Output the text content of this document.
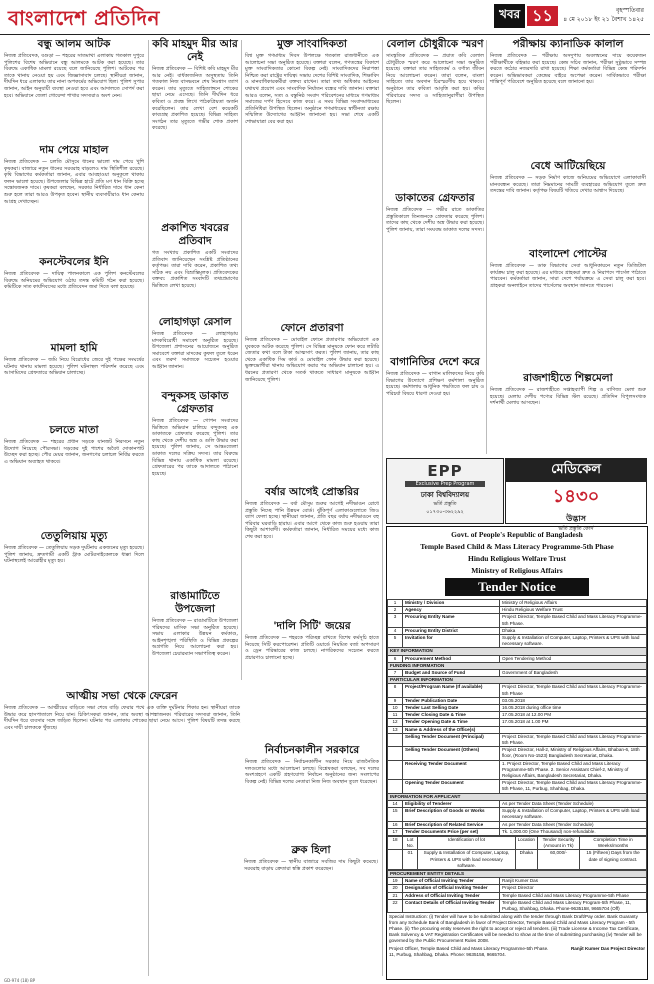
বাংলাদেশ প্রতিদিন	খবর ১১	বৃহস্পতিবার
৪ মে ২০১৮ ইং ২১ বৈশাখ ১৪২৫
বন্ধু আলম আটক
নিজস্ব প্রতিবেদক, বগুড়া — শহরের সাতমাথা এলাকায় গতকাল দুপুরে পুলিশের বিশেষ অভিযানে বন্ধু আলমকে আটক করা হয়েছে। তার বিরুদ্ধে একাধিক মামলা রয়েছে বলে জানিয়েছে পুলিশ। আটকের পর তাকে থানায় নেওয়া হয় এবং জিজ্ঞাসাবাদ চলছে। স্থানীয়রা জানান, দীর্ঘদিন ধরে এলাকায় তার নানা অপকর্মের অভিযোগ ছিল। পুলিশ সুপার জানান, আইন অনুযায়ী ব্যবস্থা নেওয়া হবে এবং আদালতে সোপর্দ করা হবে। অভিযানে জেলা গোয়েন্দা শাখার সদস্যরাও অংশ নেন।
দাম পেয়ে মাহাল
নিজস্ব প্রতিবেদক — চলতি মৌসুমে ধানের ভালো দাম পেয়ে খুশি কৃষকরা। বাজারে নতুন ধানের সরবরাহ বাড়লেও দাম স্থিতিশীল রয়েছে। কৃষি বিভাগের কর্মকর্তারা জানান, এবার আবহাওয়া অনুকূলে থাকায় ফলন ভালো হয়েছে। উপজেলার বিভিন্ন হাটে প্রতি মণ ধান বিক্রি হচ্ছে সন্তোষজনক দামে। কৃষকরা বলছেন, সরকার নির্ধারিত দামে ধান কেনা শুরু হলে তারা আরও উপকৃত হবেন। স্থানীয় ব্যবসায়ীরাও ধান কেনায় আগ্রহ দেখাচ্ছেন।
কনস্টেবলের ইনি
নিজস্ব প্রতিবেদক — দায়িত্ব পালনকালে এক পুলিশ কনস্টেবলের বিরুদ্ধে অনিয়মের অভিযোগ ওঠায় তদন্ত কমিটি গঠন করা হয়েছে। কমিটিকে সাত কার্যদিবসের মধ্যে প্রতিবেদন জমা দিতে বলা হয়েছে।
মামলা হামি
নিজস্ব প্রতিবেদক — জমি নিয়ে বিরোধের জেরে দুই পক্ষের সংঘর্ষের ঘটনায় থানায় মামলা হয়েছে। পুলিশ ঘটনাস্থল পরিদর্শন করেছে এবং আসামিদের গ্রেফতারে অভিযান চালাচ্ছে।
চলতে মাতা
নিজস্ব প্রতিবেদক — শহরের প্রধান সড়কে যানজট নিরসনে নতুন উদ্যোগ নিয়েছে পৌরসভা। সড়কের দুই পাশের অবৈধ দোকানপাট উচ্ছেদ করা হচ্ছে। পৌর মেয়র জানান, জনগণের চলাচল নির্বিঘ্ন করতে এ অভিযান অব্যাহত থাকবে।
তেতুলিয়ায় মৃত্যু
নিজস্ব প্রতিবেদক — তেতুলিয়ায় সড়ক দুর্ঘটনায় একজনের মৃত্যু হয়েছে। পুলিশ জানায়, দ্রুতগামী একটি ট্রাক মোটরসাইকেলকে ধাক্কা দিলে ঘটনাস্থলেই আরোহীর মৃত্যু হয়।
আত্মীয় সভা থেকে ফেরেন
নিজস্ব প্রতিবেদক — আত্মীয়ের বাড়িতে সভা শেষে বাড়ি ফেরার পথে এক ব্যক্তি দুর্ঘটনার শিকার হন। স্থানীয়রা তাকে উদ্ধার করে হাসপাতালে নিয়ে যান। চিকিৎসকরা জানান, তার অবস্থা আশঙ্কাজনক। পরিবারের সদস্যরা জানান, তিনি দীর্ঘদিন ধরে ব্যবসার সঙ্গে জড়িত ছিলেন। ঘটনার পর এলাকায় শোকের ছায়া নেমে আসে। পুলিশ বিষয়টি তদন্ত করছে এবং দায়ী চালককে খুঁজছে।
কবি মাহমুদ মীর আর নেই
নিজস্ব প্রতিবেদক — বিশিষ্ট কবি মাহমুদ মীর আর নেই। বার্ধক্যজনিত অসুস্থতায় তিনি গতকাল নিজ বাসভবনে শেষ নিঃশ্বাস ত্যাগ করেন। তার মৃত্যুতে সাহিত্যাঙ্গনে শোকের ছায়া নেমে এসেছে। তিনি দীর্ঘদিন ধরে কবিতা ও প্রবন্ধ লিখে পাঠকপ্রিয়তা অর্জন করেছিলেন। তার লেখা বেশ কয়েকটি কাব্যগ্রন্থ প্রকাশিত হয়েছে। বিভিন্ন সাহিত্য সংগঠন তার মৃত্যুতে গভীর শোক প্রকাশ করেছে।
প্রকাশিত খবরের প্রতিবাদ
গত সংখ্যায় প্রকাশিত একটি সংবাদের প্রতিবাদ জানিয়েছেন সংশ্লিষ্ট প্রতিষ্ঠানের কর্তৃপক্ষ। তারা দাবি করেন, প্রকাশিত তথ্য সঠিক নয় এবং বিভ্রান্তিমূলক। প্রতিবেদকের বক্তব্য: প্রকাশিত সংবাদটি তথ্যপ্রমাণের ভিত্তিতে লেখা হয়েছে।
লোহাগড়া রেসাল
নিজস্ব প্রতিবেদক — লোহাগড়ায় মাদকবিরোধী সমাবেশ অনুষ্ঠিত হয়েছে। উপজেলা প্রশাসনের আয়োজনে অনুষ্ঠিত সমাবেশে বক্তারা মাদকের কুফল তুলে ধরেন এবং তরুণ সমাজকে সচেতন হওয়ার আহ্বান জানান।
বন্দুকসহ ডাকাত গ্রেফতার
নিজস্ব প্রতিবেদক — গোপন সংবাদের ভিত্তিতে অভিযান চালিয়ে বন্দুকসহ এক ডাকাতকে গ্রেফতার করেছে পুলিশ। তার কাছ থেকে দেশীয় অস্ত্র ও গুলি উদ্ধার করা হয়েছে। পুলিশ জানায়, সে আন্তঃজেলা ডাকাত দলের সক্রিয় সদস্য। তার বিরুদ্ধে বিভিন্ন থানায় একাধিক মামলা রয়েছে। গ্রেফতারের পর তাকে আদালতে পাঠানো হয়েছে।
রাঙামাটিতে উপজেলা
নিজস্ব প্রতিবেদক — রাঙামাটিতে উপজেলা পরিষদের মাসিক সভা অনুষ্ঠিত হয়েছে। সভায় এলাকার উন্নয়ন কর্মকাণ্ড, আইনশৃঙ্খলা পরিস্থিতি ও বিভিন্ন প্রকল্পের অগ্রগতি নিয়ে আলোচনা করা হয়। উপজেলা চেয়ারম্যান সভাপতিত্ব করেন।
ব্রুক হিলা
নিজস্ব প্রতিবেদক — স্থানীয় বাজারে সবজির দাম কিছুটা কমেছে। সরবরাহ বাড়ায় ক্রেতারা স্বস্তি প্রকাশ করেছেন।
মুক্ত সাংবাদিকতা
বিশ্ব মুক্ত গণমাধ্যম দিবস উপলক্ষে গতকাল রাজধানীতে এক আলোচনা সভা অনুষ্ঠিত হয়েছে। বক্তারা বলেন, গণতন্ত্রের বিকাশে মুক্ত সাংবাদিকতার কোনো বিকল্প নেই। সাংবাদিকদের নিরাপত্তা নিশ্চিত করা রাষ্ট্রের দায়িত্ব। সভায় দেশের বিশিষ্ট সাংবাদিক, শিক্ষাবিদ ও মানবাধিকারকর্মীরা বক্তব্য রাখেন। তারা তথ্য অধিকার আইনের যথাযথ প্রয়োগ এবং সাংবাদিক নির্যাতন বন্ধের দাবি জানান। বক্তারা আরও বলেন, সত্য ও বস্তুনিষ্ঠ সংবাদ পরিবেশনের মাধ্যমে গণমাধ্যম সমাজের দর্পণ হিসেবে কাজ করে। এ সময় বিভিন্ন সংবাদমাধ্যমের প্রতিনিধিরা উপস্থিত ছিলেন। অনুষ্ঠানে গণমাধ্যমের স্বাধীনতা রক্ষায় সম্মিলিত উদ্যোগের আহ্বান জানানো হয়। সভা শেষে একটি শোভাযাত্রা বের করা হয়।
ফোনে প্রতারণা
নিজস্ব প্রতিবেদক — মোবাইল ফোনে প্রতারণার অভিযোগে এক যুবককে আটক করেছে পুলিশ। সে বিভিন্ন মানুষকে ফোন করে লটারি জেতার কথা বলে টাকা আত্মসাৎ করত। পুলিশ জানায়, তার কাছ থেকে একাধিক সিম কার্ড ও মোবাইল ফোন উদ্ধার করা হয়েছে। ভুক্তভোগীরা থানায় অভিযোগ করার পর অভিযান চালানো হয়। এ ধরনের প্রতারণা থেকে সতর্ক থাকতে সাধারণ মানুষকে আহ্বান জানিয়েছে পুলিশ।
বর্ষার আগেই প্রোস্তরির
নিজস্ব প্রতিবেদক — বর্ষা মৌসুম শুরুর আগেই নদীভাঙন রোধে প্রস্তুতি নিচ্ছে পানি উন্নয়ন বোর্ড। ঝুঁকিপূর্ণ এলাকাগুলোতে জিও ব্যাগ ফেলা হচ্ছে। স্থানীয়রা জানান, প্রতি বছর বর্ষায় নদীভাঙনে বহু পরিবার ঘরবাড়ি হারায়। এবার আগে থেকে কাজ শুরু হওয়ায় তারা কিছুটা আশাবাদী। কর্মকর্তারা জানান, নির্ধারিত সময়ের মধ্যে কাজ শেষ করা হবে।
'দালি সিটি' জয়ের
নিজস্ব প্রতিবেদক — শহরকে পরিচ্ছন্ন রাখতে বিশেষ কর্মসূচি হাতে নিয়েছে সিটি করপোরেশন। প্রতিটি ওয়ার্ডে নিয়মিত বর্জ্য অপসারণ ও ড্রেন পরিষ্কারের কাজ চলছে। নাগরিকদের সচেতন করতে প্রচারণাও চালানো হচ্ছে।
নির্বাচনকালীন সরকারে
নিজস্ব প্রতিবেদক — নির্বাচনকালীন সরকার নিয়ে রাজনৈতিক দলগুলোর মধ্যে আলোচনা চলছে। বিশ্লেষকরা বলছেন, সব দলের অংশগ্রহণে একটি গ্রহণযোগ্য নির্বাচন অনুষ্ঠানের জন্য সংলাপের বিকল্প নেই। বিভিন্ন দলের নেতারা নিজ নিজ অবস্থান তুলে ধরেছেন।
বেলাল চৌধুরীকে স্মরণ
সাংস্কৃতিক প্রতিবেদক — প্রয়াত কবি বেলাল চৌধুরীকে স্মরণ করে আলোচনা সভা অনুষ্ঠিত হয়েছে। বক্তারা তার সাহিত্যকর্ম ও বর্ণাঢ্য জীবন নিয়ে আলোচনা করেন। তারা বলেন, বাংলা সাহিত্যে তার অবদান চিরস্মরণীয় হয়ে থাকবে। অনুষ্ঠানে তার কবিতা আবৃত্তি করা হয়। কবির পরিবারের সদস্য ও সাহিত্যানুরাগীরা উপস্থিত ছিলেন।
ডাকাতের গ্রেফতার
নিজস্ব প্রতিবেদক — গভীর রাতে ডাকাতির প্রস্তুতিকালে তিনজনকে গ্রেফতার করেছে পুলিশ। তাদের কাছ থেকে দেশীয় অস্ত্র উদ্ধার করা হয়েছে। পুলিশ জানায়, তারা সংঘবদ্ধ ডাকাত দলের সদস্য।
বাগানিতির দেশে করে
নিজস্ব প্রতিবেদক — বাগান মালিকদের নিয়ে কৃষি বিভাগের উদ্যোগে প্রশিক্ষণ কর্মশালা অনুষ্ঠিত হয়েছে। কর্মশালায় আধুনিক পদ্ধতিতে ফল চাষ ও পরিচর্যা বিষয়ে ধারণা দেওয়া হয়।
পরীক্ষায় ক্যানাডিক কালাল
নিজস্ব প্রতিবেদক — পরীক্ষায় অসদুপায় অবলম্বনের দায়ে কয়েকজন পরীক্ষার্থীকে বহিষ্কার করা হয়েছে। কেন্দ্র সচিব জানান, পরীক্ষা সুষ্ঠুভাবে সম্পন্ন করতে কঠোর নজরদারি রাখা হয়েছে। শিক্ষা কর্মকর্তারা বিভিন্ন কেন্দ্র পরিদর্শন করেন। অভিভাবকরা কেন্দ্রের বাইরে অপেক্ষা করেন। সার্বিকভাবে পরীক্ষা শান্তিপূর্ণ পরিবেশে অনুষ্ঠিত হয়েছে বলে জানানো হয়।
বেধে আটিয়েছিয়ে
নিজস্ব প্রতিবেদক — সড়ক নির্মাণ কাজে অনিয়মের অভিযোগে এলাকাবাসী মানববন্ধন করেছে। তারা নিম্নমানের সামগ্রী ব্যবহারের অভিযোগ তুলে দ্রুত তদন্তের দাবি জানান। কর্তৃপক্ষ বিষয়টি খতিয়ে দেখার আশ্বাস দিয়েছে।
বাংলাদেশ পোস্টের
নিজস্ব প্রতিবেদক — ডাক বিভাগের সেবা আধুনিকায়নে নতুন ডিজিটাল কার্যক্রম চালু করা হয়েছে। এর মাধ্যমে গ্রাহকরা দ্রুত ও নিরাপদে পার্সেল পাঠাতে পারবেন। কর্মকর্তারা জানান, সারা দেশে পর্যায়ক্রমে এ সেবা চালু করা হবে। গ্রাহকরা অনলাইনে তাদের পার্সেলের অবস্থান জানতে পারবেন।
রাজশাহীতে শিল্পমেলা
নিজস্ব প্রতিবেদক — রাজশাহীতে সপ্তাহব্যাপী শিল্প ও বাণিজ্য মেলা শুরু হয়েছে। মেলায় দেশীয় পণ্যের বিভিন্ন স্টল রয়েছে। প্রতিদিন বিপুলসংখ্যক দর্শনার্থী মেলায় আসছেন।
EPP
Exclusive Prep Program
ঢাকা বিশ্ববিদ্যালয়
ভর্তি প্রস্তুতি
০১৭৩০-৩৬২২৯২
মেডিকেল
১৪৩০
উদ্ভাস
ভর্তি প্রস্তুতি কোর্স
Govt. of People's Republic of Bangladesh
Temple Based Child & Mass Literacy Programme-5th Phase
Hindu Religious Welfare Trust
Ministry of Religious Affairs
Tender Notice
1	Ministry / Division	Ministry of Religious Affairs
2	Agency	Hindu Religious Welfare Trust
3	Procuring Entity Name	Project Director, Temple Based Child and Mass Literacy Programme-5th Phase.
4	Procuring Entity District	Dhaka
5	Invitation for	Supply & Installation of Computer, Laptop, Printers & UPS with load necessary software.
KEY INFORMATION		
6	Procurement Method	Open Tendering Method
FUNDING INFORMATION		
7	Budget and Source of Fund	Government of Bangladesh
PARTICULAR INFORMATION		
8	Project/Program Name (If available)	Project Director, Temple Based Child and Mass Literacy Programme-5th Phase
9	Tender Publication Date	03.05.2018
10	Tender Last Selling Date	16.05.2018 during office time
11	Tender Closing Date & Time	17.05.2018 at 12.00 PM
12	Tender Opening Date & Time	17.05.2018 at 1.00 PM
13	Name & Address of the Office(s)	
	Selling Tender Document (Principal)	Project Director, Temple Based Child and Mass Literacy Programme-5th Phase.
	Selling Tender Document (Others)	Project Director, Hall-2, Ministry of Religious Affairs, Bhaban-6, 18th floor, (Room No-1523) Bangladesh Secretariat, Dhaka.
	Receiving Tender Document	1. Project Director, Temple Based Child and Mass Literacy Programme-5th Phase. 2. Senior Assistant Chief-2, Ministry of Religious Affairs, Bangladesh Secretariat, Dhaka.
	Opening Tender Document	Project Director, Temple Based Child and Mass Literacy Programme-5th Phase, 11, Purbug, Shahbag, Dhaka.
INFORMATION FOR APPLICANT		
14	Eligibility of Tenderer	As per Tender Data Sheet (Tender Schedule)
15	Brief Description of Goods or Works	Supply & Installation of Computer, Laptop, Printers & UPS with load necessary software.
16	Brief Description of Related Service	As per Tender Data Sheet (Tender Schedule)
17	Tender Documents Price (per set)	Tk. 1,000.00 (One Thousand) non-refundable.
18	Lot No.	Identification of lot	Location	Tender Security (Amount in Tk)	Completion Time in Weeks/months
	01	Supply & Installation of Computer, Laptop, Printers & UPS with load necessary software.	Dhaka	60,000/-	15 (Fifteen) Days from the date of signing contract.
PROCUREMENT ENTITY DETAILS		
19	Name of Official Inviting Tender	Ranjit Kumer Das
20	Designation of Official Inviting Tender	Project Director
21	Address of Official Inviting Tender	Temple Based Child and Mass Literacy Programme-5th Phase
22	Contact Details of Official Inviting Tender	Temple Based Child and Mass Literacy Program-5th Phase, 11, Purbug, Shahbag, Dhaka. Phone-9635158, 9665704 (Off)
Special Instruction: (i) Tender will have to be submitted along with the tender through Bank Draft/Pay order. Bank Guaranty from any Schedule Bank of Bangladesh in favor of Project Director, Temple Based Child and Mass Literacy Program - 5th Phase. (ii) The procuring entity reserves the right to accept or reject all tenders. (iii) Trade License & Income Tax Certificate, Bank Solvency & VAT Registration Certificates will be needed to show at the time of submitting purchasing (iv) Tender will be governed by the Public Procurement Rules 2008.
Project Officer, Temple Based Child and Mass Literacy Programme-5th Phase. 11, Purbug, Shahbag, Dhaka. Phone: 9635158, 9665704.
Ranjit Kumer Das Project Director
GD-974 (18) BP
